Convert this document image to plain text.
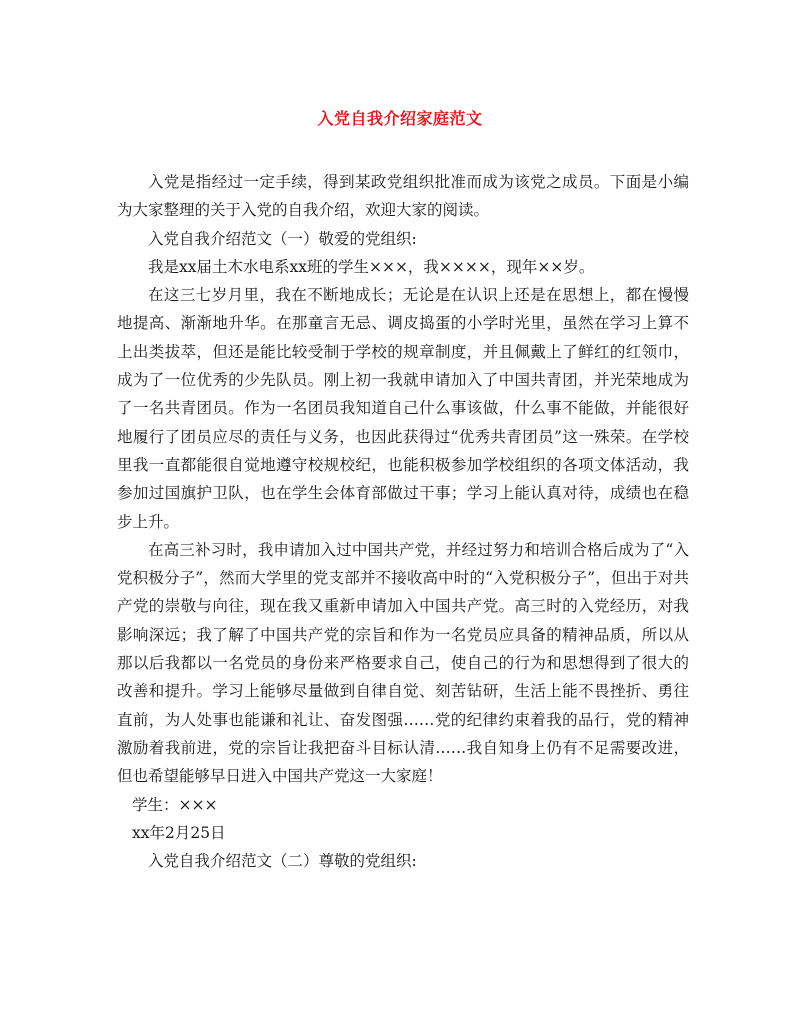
入党自我介绍家庭范文

入党是指经过一定手续，得到某政党组织批准而成为该党之成员。下面是小编为大家整理的关于入党的自我介绍，欢迎大家的阅读。

入党自我介绍范文（一）敬爱的党组织:

我是xx届土木水电系xx班的学生×××，我××××，现年××岁。

在这三七岁月里，我在不断地成长；无论是在认识上还是在思想上，都在慢慢地提高、渐渐地升华。在那童言无忌、调皮捣蛋的小学时光里，虽然在学习上算不上出类拔萃，但还是能比较受制于学校的规章制度，并且佩戴上了鲜红的红领巾，成为了一位优秀的少先队员。刚上初一我就申请加入了中国共青团，并光荣地成为了一名共青团员。作为一名团员我知道自己什么事该做，什么事不能做，并能很好地履行了团员应尽的责任与义务，也因此获得过“优秀共青团员”这一殊荣。在学校里我一直都能很自觉地遵守校规校纪，也能积极参加学校组织的各项文体活动，我参加过国旗护卫队，也在学生会体育部做过干事；学习上能认真对待，成绩也在稳步上升。

在高三补习时，我申请加入过中国共产党，并经过努力和培训合格后成为了“入党积极分子”，然而大学里的党支部并不接收高中时的“入党积极分子”，但出于对共产党的崇敬与向往，现在我又重新申请加入中国共产党。高三时的入党经历，对我影响深远；我了解了中国共产党的宗旨和作为一名党员应具备的精神品质，所以从那以后我都以一名党员的身份来严格要求自己，使自己的行为和思想得到了很大的改善和提升。学习上能够尽量做到自律自觉、刻苦钻研，生活上能不畏挫折、勇往直前，为人处事也能谦和礼让、奋发图强……党的纪律约束着我的品行，党的精神激励着我前进，党的宗旨让我把奋斗目标认清……我自知身上仍有不足需要改进，但也希望能够早日进入中国共产党这一大家庭！

学生：×××

xx年2月25日

入党自我介绍范文（二）尊敬的党组织:
